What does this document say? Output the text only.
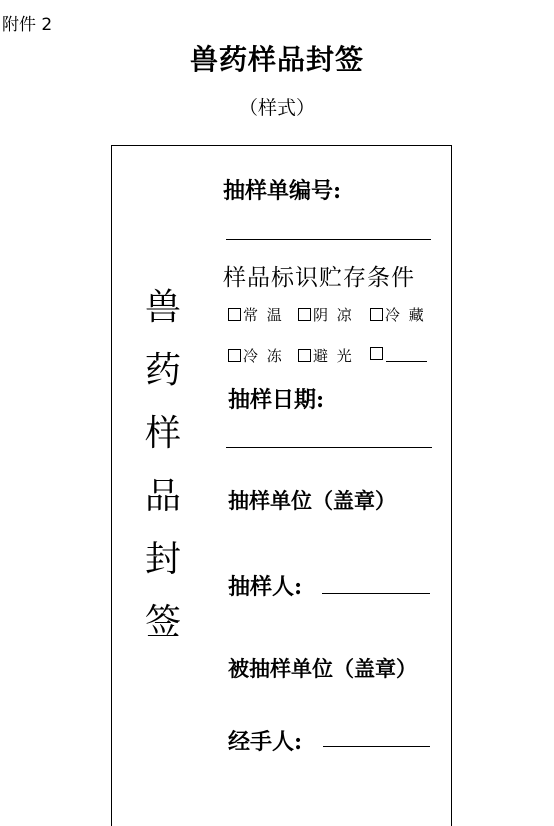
附件 2
兽药样品封签
（样式）
兽
药
样
品
封
签
抽样单编号:
样品标识贮存条件
常 温	阴 凉	冷 藏
冷 冻	避 光
抽样日期:
抽样单位（盖章）
抽样人:
被抽样单位（盖章）
经手人:
